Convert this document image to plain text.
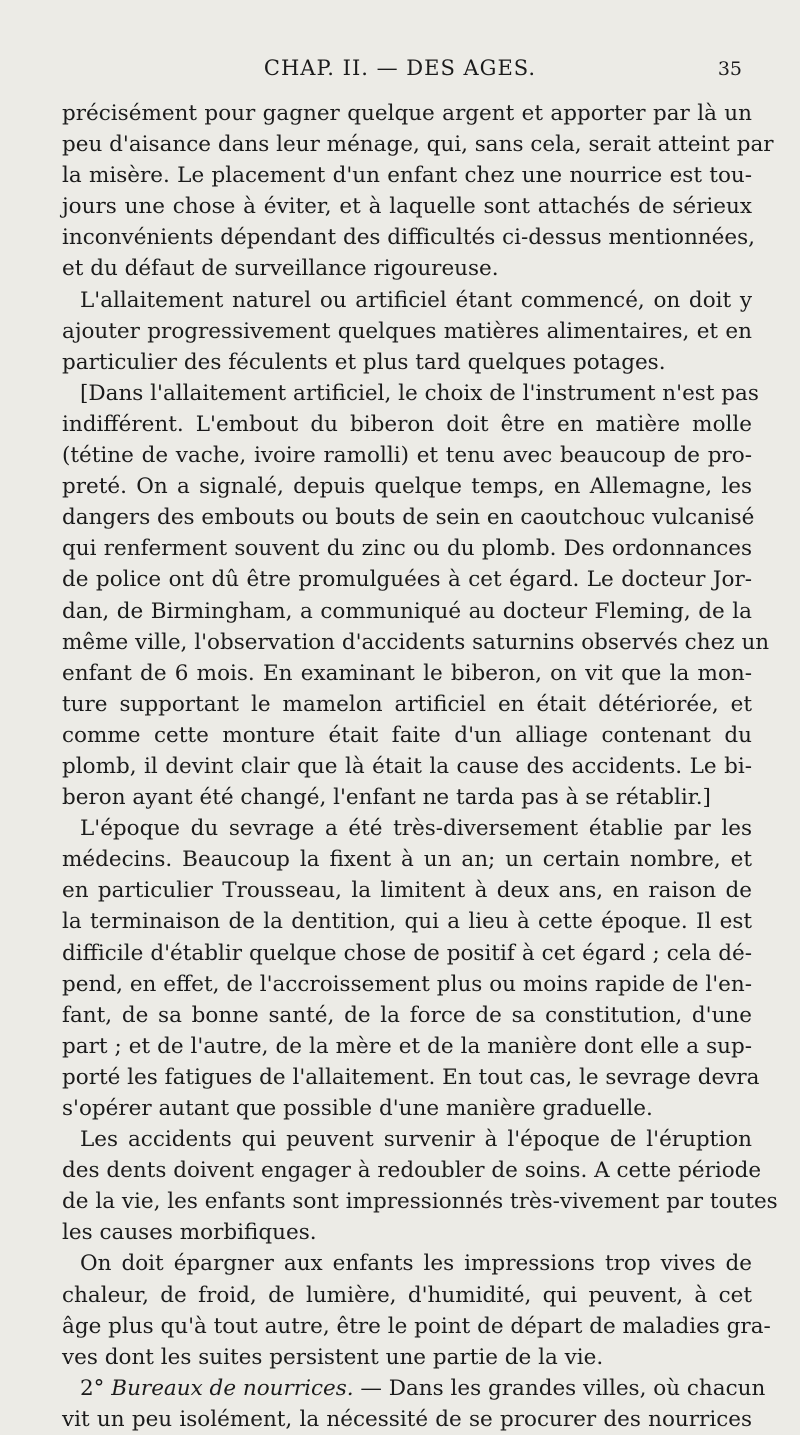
CHAP. II. — DES AGES.	35
précisément pour gagner quelque argent et apporter par là un
peu d'aisance dans leur ménage, qui, sans cela, serait atteint par
la misère. Le placement d'un enfant chez une nourrice est tou-
jours une chose à éviter, et à laquelle sont attachés de sérieux
inconvénients dépendant des difficultés ci-dessus mentionnées,
et du défaut de surveillance rigoureuse.
L'allaitement naturel ou artificiel étant commencé, on doit y
ajouter progressivement quelques matières alimentaires, et en
particulier des féculents et plus tard quelques potages.
[Dans l'allaitement artificiel, le choix de l'instrument n'est pas
indifférent. L'embout du biberon doit être en matière molle
(tétine de vache, ivoire ramolli) et tenu avec beaucoup de pro-
preté. On a signalé, depuis quelque temps, en Allemagne, les
dangers des embouts ou bouts de sein en caoutchouc vulcanisé
qui renferment souvent du zinc ou du plomb. Des ordonnances
de police ont dû être promulguées à cet égard. Le docteur Jor-
dan, de Birmingham, a communiqué au docteur Fleming, de la
même ville, l'observation d'accidents saturnins observés chez un
enfant de 6 mois. En examinant le biberon, on vit que la mon-
ture supportant le mamelon artificiel en était détériorée, et
comme cette monture était faite d'un alliage contenant du
plomb, il devint clair que là était la cause des accidents. Le bi-
beron ayant été changé, l'enfant ne tarda pas à se rétablir.]
L'époque du sevrage a été très-diversement établie par les
médecins. Beaucoup la fixent à un an; un certain nombre, et
en particulier Trousseau, la limitent à deux ans, en raison de
la terminaison de la dentition, qui a lieu à cette époque. Il est
difficile d'établir quelque chose de positif à cet égard ; cela dé-
pend, en effet, de l'accroissement plus ou moins rapide de l'en-
fant, de sa bonne santé, de la force de sa constitution, d'une
part ; et de l'autre, de la mère et de la manière dont elle a sup-
porté les fatigues de l'allaitement. En tout cas, le sevrage devra
s'opérer autant que possible d'une manière graduelle.
Les accidents qui peuvent survenir à l'époque de l'éruption
des dents doivent engager à redoubler de soins. A cette période
de la vie, les enfants sont impressionnés très-vivement par toutes
les causes morbifiques.
On doit épargner aux enfants les impressions trop vives de
chaleur, de froid, de lumière, d'humidité, qui peuvent, à cet
âge plus qu'à tout autre, être le point de départ de maladies gra-
ves dont les suites persistent une partie de la vie.
2° Bureaux de nourrices. — Dans les grandes villes, où chacun
vit un peu isolément, la nécessité de se procurer des nourrices
